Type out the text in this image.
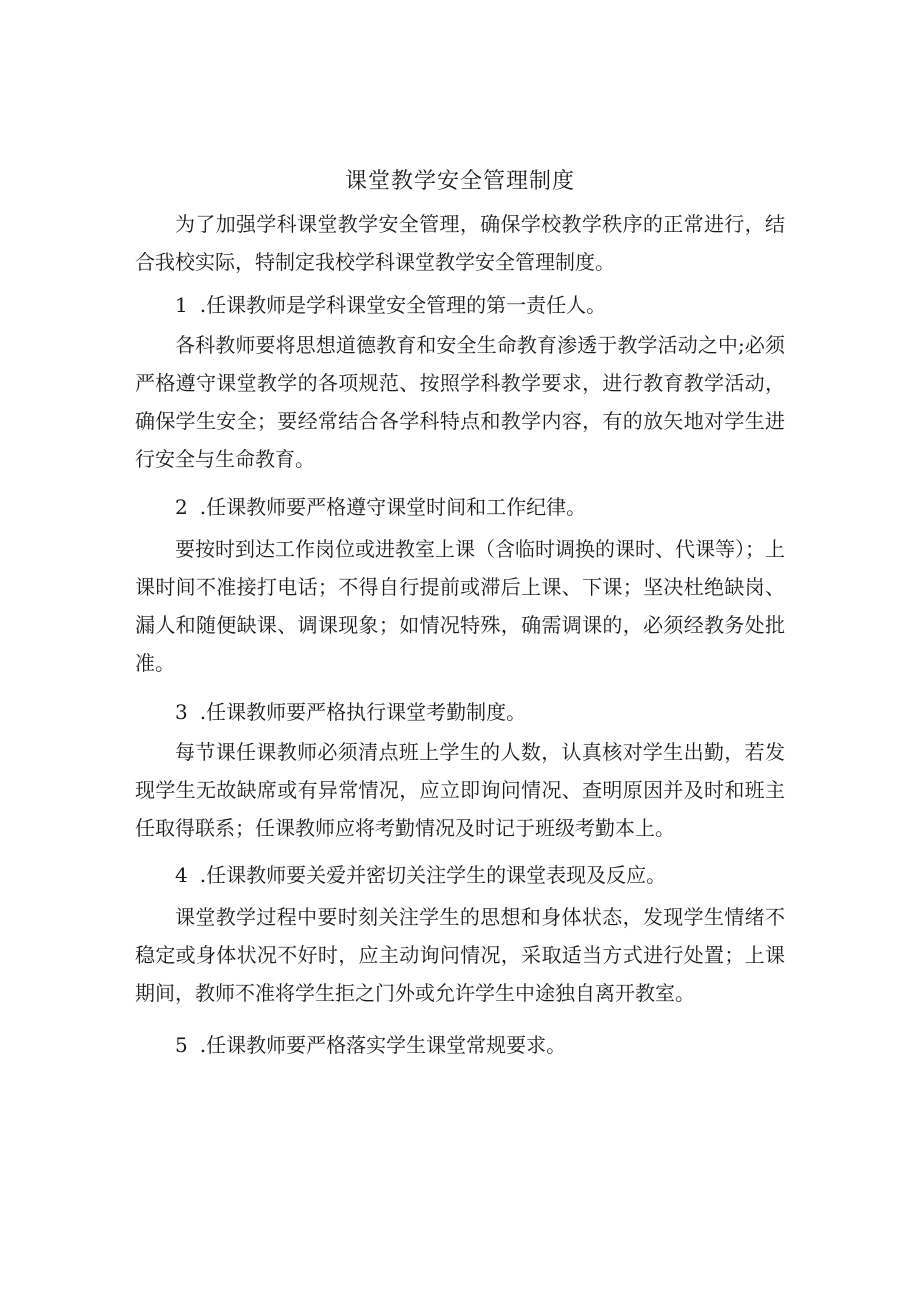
课堂教学安全管理制度

为了加强学科课堂教学安全管理，确保学校教学秩序的正常进行，结合我校实际，特制定我校学科课堂教学安全管理制度。

1 .任课教师是学科课堂安全管理的第一责任人。

各科教师要将思想道德教育和安全生命教育渗透于教学活动之中;必须严格遵守课堂教学的各项规范、按照学科教学要求，进行教育教学活动，确保学生安全；要经常结合各学科特点和教学内容，有的放矢地对学生进行安全与生命教育。

2 .任课教师要严格遵守课堂时间和工作纪律。

要按时到达工作岗位或进教室上课（含临时调换的课时、代课等）；上课时间不准接打电话；不得自行提前或滞后上课、下课；坚决杜绝缺岗、漏人和随便缺课、调课现象；如情况特殊，确需调课的，必须经教务处批准。

3 .任课教师要严格执行课堂考勤制度。

每节课任课教师必须清点班上学生的人数，认真核对学生出勤，若发现学生无故缺席或有异常情况，应立即询问情况、查明原因并及时和班主任取得联系；任课教师应将考勤情况及时记于班级考勤本上。

4 .任课教师要关爱并密切关注学生的课堂表现及反应。

课堂教学过程中要时刻关注学生的思想和身体状态，发现学生情绪不稳定或身体状况不好时，应主动询问情况，采取适当方式进行处置；上课期间，教师不准将学生拒之门外或允许学生中途独自离开教室。

5 .任课教师要严格落实学生课堂常规要求。
